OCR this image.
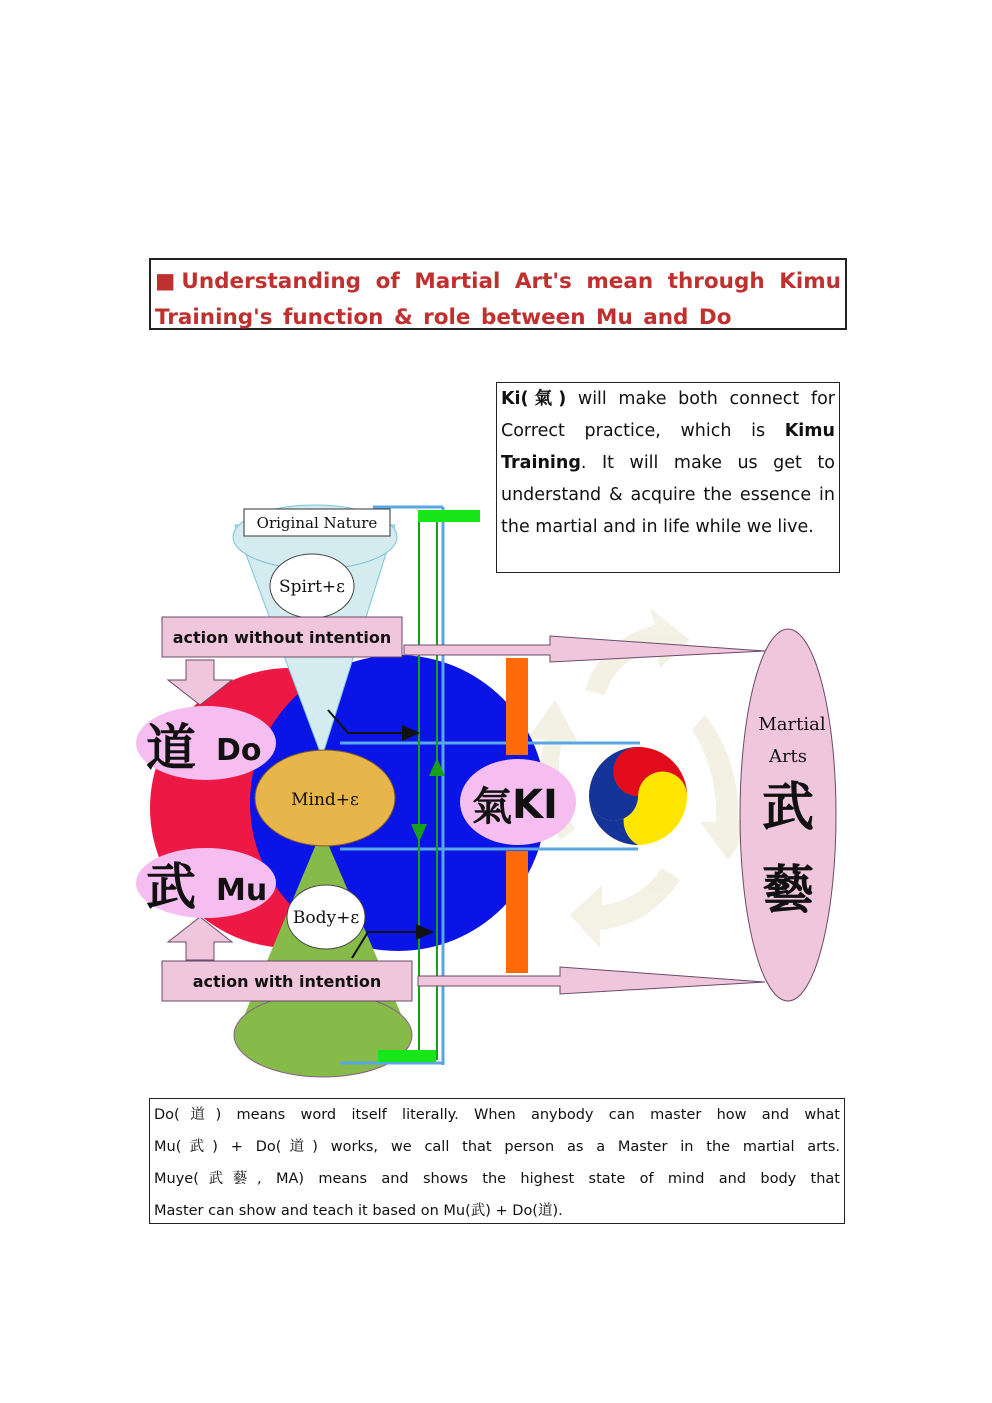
■Understanding of Martial Art's mean through Kimu
Training's function & role between Mu and Do
道 Do
武 Mu
Mind+ε
Spirt+ε
Body+ε
Original Nature
action without intention
action with intention
氣 KI
Martial
Arts
武
藝
Ki(氣) will make both connect for Correct practice, which is Kimu Training. It will make us get to understand & acquire the essence in the martial and in life while we live.
Do(道) means word itself literally. When anybody can master how and what
Mu(武) + Do(道) works, we call that person as a Master in the martial arts.
Muye(武藝, MA) means and shows the highest state of mind and body that
Master can show and teach it based on Mu(武) + Do(道).
